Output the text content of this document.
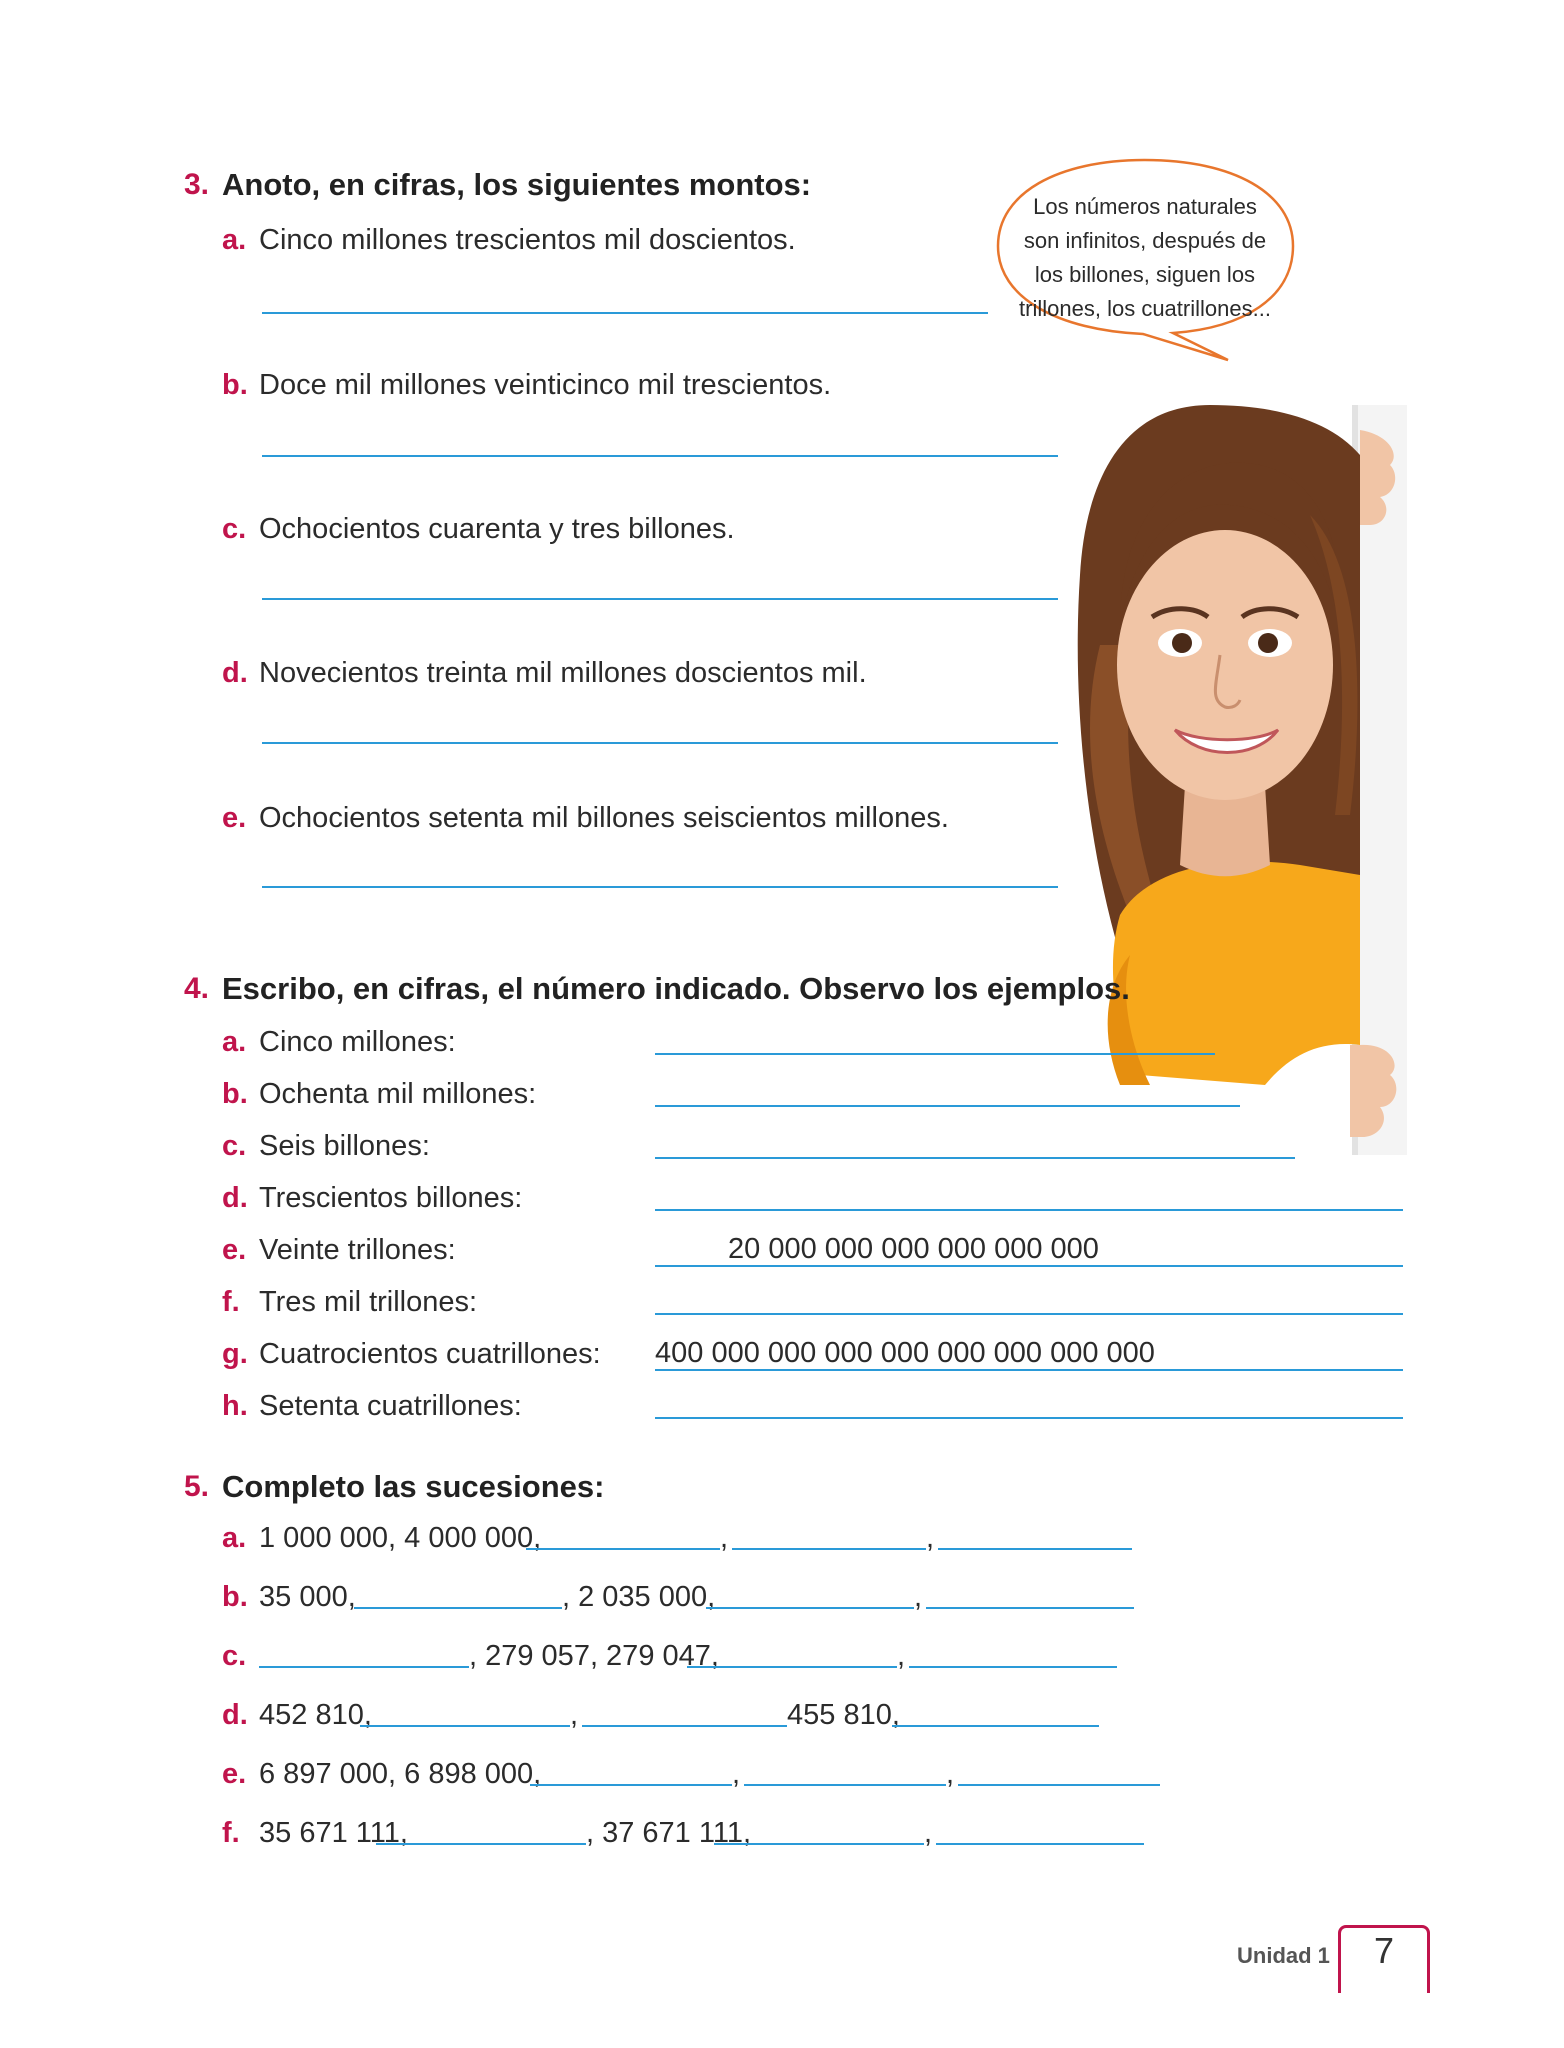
3. Anoto, en cifras, los siguientes montos:
a. Cinco millones trescientos mil doscientos.
b. Doce mil millones veinticinco mil trescientos.
c. Ochocientos cuarenta y tres billones.
d. Novecientos treinta mil millones doscientos mil.
e. Ochocientos setenta mil billones seiscientos millones.
Los números naturales
son infinitos, después de
los billones, siguen los
trillones, los cuatrillones...
4. Escribo, en cifras, el número indicado. Observo los ejemplos.
a. Cinco millones:
b. Ochenta mil millones:
c. Seis billones:
d. Trescientos billones:
e. Veinte trillones:	20 000 000 000 000 000 000
f. Tres mil trillones:
g. Cuatrocientos cuatrillones: 400 000 000 000 000 000 000 000 000
h. Setenta cuatrillones:
5. Completo las sucesiones:
a. 1 000 000, 4 000 000,	,	,
b. 35 000,	, 2 035 000,	,
c.	, 279 057, 279 047,	,
d. 452 810,	,	455 810,
e. 6 897 000, 6 898 000,	,	,
f. 35 671 111,	, 37 671 111,	,
Unidad 1	7
